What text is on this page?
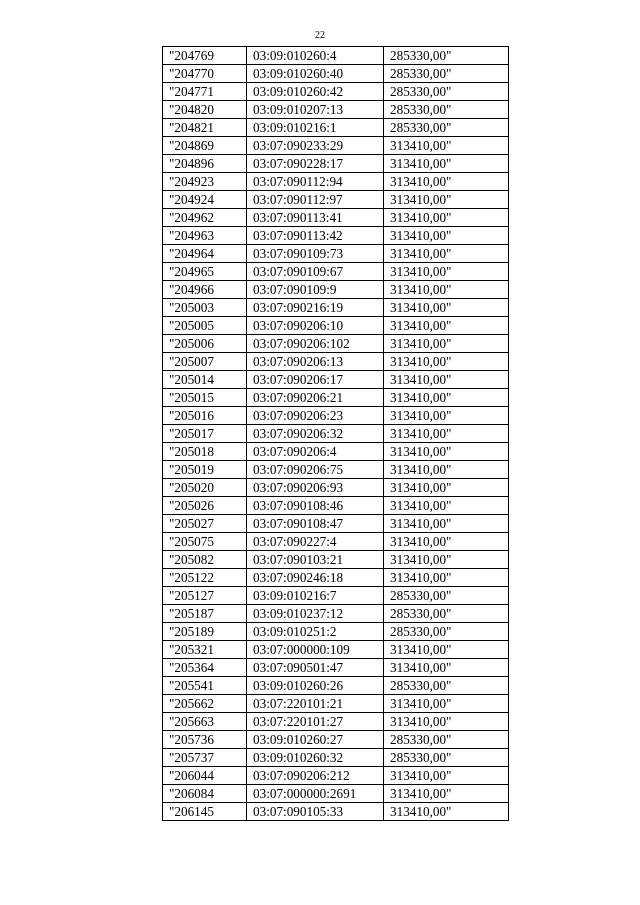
22
"204769	03:09:010260:4	285330,00"
"204770	03:09:010260:40	285330,00"
"204771	03:09:010260:42	285330,00"
"204820	03:09:010207:13	285330,00"
"204821	03:09:010216:1	285330,00"
"204869	03:07:090233:29	313410,00"
"204896	03:07:090228:17	313410,00"
"204923	03:07:090112:94	313410,00"
"204924	03:07:090112:97	313410,00"
"204962	03:07:090113:41	313410,00"
"204963	03:07:090113:42	313410,00"
"204964	03:07:090109:73	313410,00"
"204965	03:07:090109:67	313410,00"
"204966	03:07:090109:9	313410,00"
"205003	03:07:090216:19	313410,00"
"205005	03:07:090206:10	313410,00"
"205006	03:07:090206:102	313410,00"
"205007	03:07:090206:13	313410,00"
"205014	03:07:090206:17	313410,00"
"205015	03:07:090206:21	313410,00"
"205016	03:07:090206:23	313410,00"
"205017	03:07:090206:32	313410,00"
"205018	03:07:090206:4	313410,00"
"205019	03:07:090206:75	313410,00"
"205020	03:07:090206:93	313410,00"
"205026	03:07:090108:46	313410,00"
"205027	03:07:090108:47	313410,00"
"205075	03:07:090227:4	313410,00"
"205082	03:07:090103:21	313410,00"
"205122	03:07:090246:18	313410,00"
"205127	03:09:010216:7	285330,00"
"205187	03:09:010237:12	285330,00"
"205189	03:09:010251:2	285330,00"
"205321	03:07:000000:109	313410,00"
"205364	03:07:090501:47	313410,00"
"205541	03:09:010260:26	285330,00"
"205662	03:07:220101:21	313410,00"
"205663	03:07:220101:27	313410,00"
"205736	03:09:010260:27	285330,00"
"205737	03:09:010260:32	285330,00"
"206044	03:07:090206:212	313410,00"
"206084	03:07:000000:2691	313410,00"
"206145	03:07:090105:33	313410,00"
